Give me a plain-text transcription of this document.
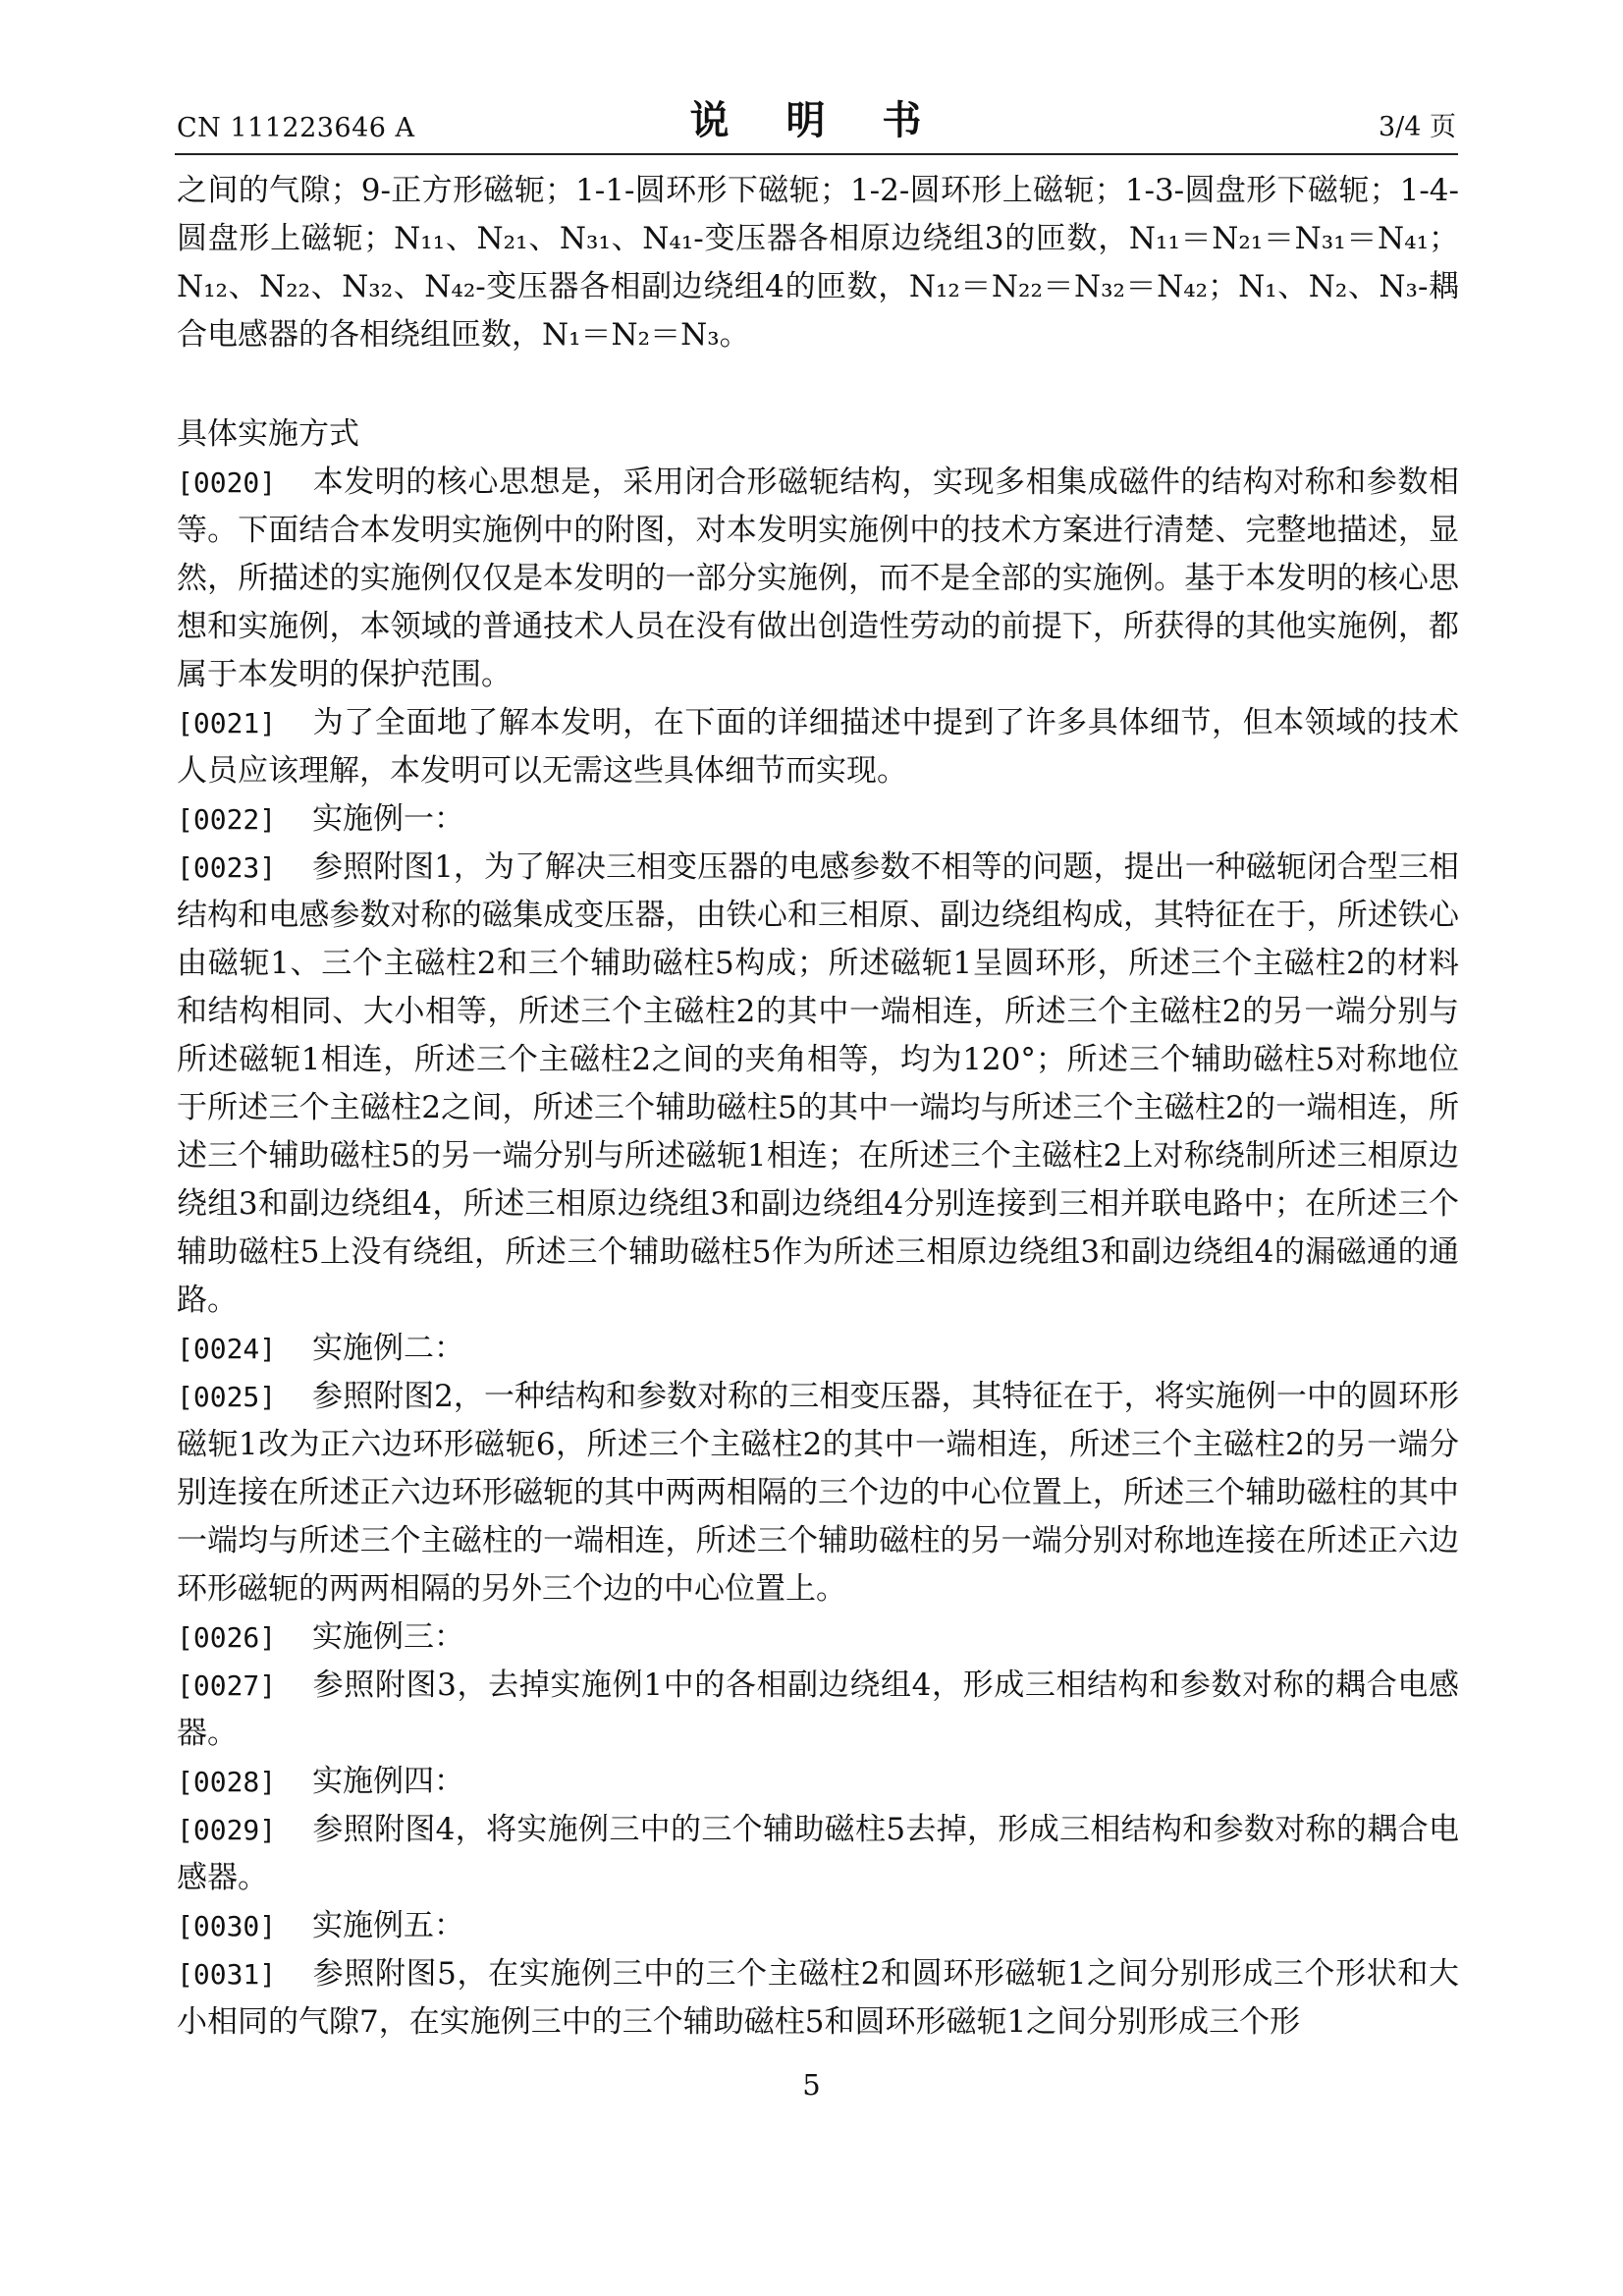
CN 111223646 A	说 明 书	3/4 页

之间的气隙；9-正方形磁轭；1-1-圆环形下磁轭；1-2-圆环形上磁轭；1-3-圆盘形下磁轭；1-4-圆盘形上磁轭；N₁₁、N₂₁、N₃₁、N₄₁-变压器各相原边绕组3的匝数，N₁₁＝N₂₁＝N₃₁＝N₄₁；N₁₂、N₂₂、N₃₂、N₄₂-变压器各相副边绕组4的匝数，N₁₂＝N₂₂＝N₃₂＝N₄₂；N₁、N₂、N₃-耦合电感器的各相绕组匝数，N₁＝N₂＝N₃。

具体实施方式

[0020] 本发明的核心思想是，采用闭合形磁轭结构，实现多相集成磁件的结构对称和参数相等。下面结合本发明实施例中的附图，对本发明实施例中的技术方案进行清楚、完整地描述，显然，所描述的实施例仅仅是本发明的一部分实施例，而不是全部的实施例。基于本发明的核心思想和实施例，本领域的普通技术人员在没有做出创造性劳动的前提下，所获得的其他实施例，都属于本发明的保护范围。

[0021] 为了全面地了解本发明，在下面的详细描述中提到了许多具体细节，但本领域的技术人员应该理解，本发明可以无需这些具体细节而实现。

[0022] 实施例一：

[0023] 参照附图1，为了解决三相变压器的电感参数不相等的问题，提出一种磁轭闭合型三相结构和电感参数对称的磁集成变压器，由铁心和三相原、副边绕组构成，其特征在于，所述铁心由磁轭1、三个主磁柱2和三个辅助磁柱5构成；所述磁轭1呈圆环形，所述三个主磁柱2的材料和结构相同、大小相等，所述三个主磁柱2的其中一端相连，所述三个主磁柱2的另一端分别与所述磁轭1相连，所述三个主磁柱2之间的夹角相等，均为120°；所述三个辅助磁柱5对称地位于所述三个主磁柱2之间，所述三个辅助磁柱5的其中一端均与所述三个主磁柱2的一端相连，所述三个辅助磁柱5的另一端分别与所述磁轭1相连；在所述三个主磁柱2上对称绕制所述三相原边绕组3和副边绕组4，所述三相原边绕组3和副边绕组4分别连接到三相并联电路中；在所述三个辅助磁柱5上没有绕组，所述三个辅助磁柱5作为所述三相原边绕组3和副边绕组4的漏磁通的通路。

[0024] 实施例二：

[0025] 参照附图2，一种结构和参数对称的三相变压器，其特征在于，将实施例一中的圆环形磁轭1改为正六边环形磁轭6，所述三个主磁柱2的其中一端相连，所述三个主磁柱2的另一端分别连接在所述正六边环形磁轭的其中两两相隔的三个边的中心位置上，所述三个辅助磁柱的其中一端均与所述三个主磁柱的一端相连，所述三个辅助磁柱的另一端分别对称地连接在所述正六边环形磁轭的两两相隔的另外三个边的中心位置上。

[0026] 实施例三：

[0027] 参照附图3，去掉实施例1中的各相副边绕组4，形成三相结构和参数对称的耦合电感器。

[0028] 实施例四：

[0029] 参照附图4，将实施例三中的三个辅助磁柱5去掉，形成三相结构和参数对称的耦合电感器。

[0030] 实施例五：

[0031] 参照附图5，在实施例三中的三个主磁柱2和圆环形磁轭1之间分别形成三个形状和大小相同的气隙7，在实施例三中的三个辅助磁柱5和圆环形磁轭1之间分别形成三个形

5
